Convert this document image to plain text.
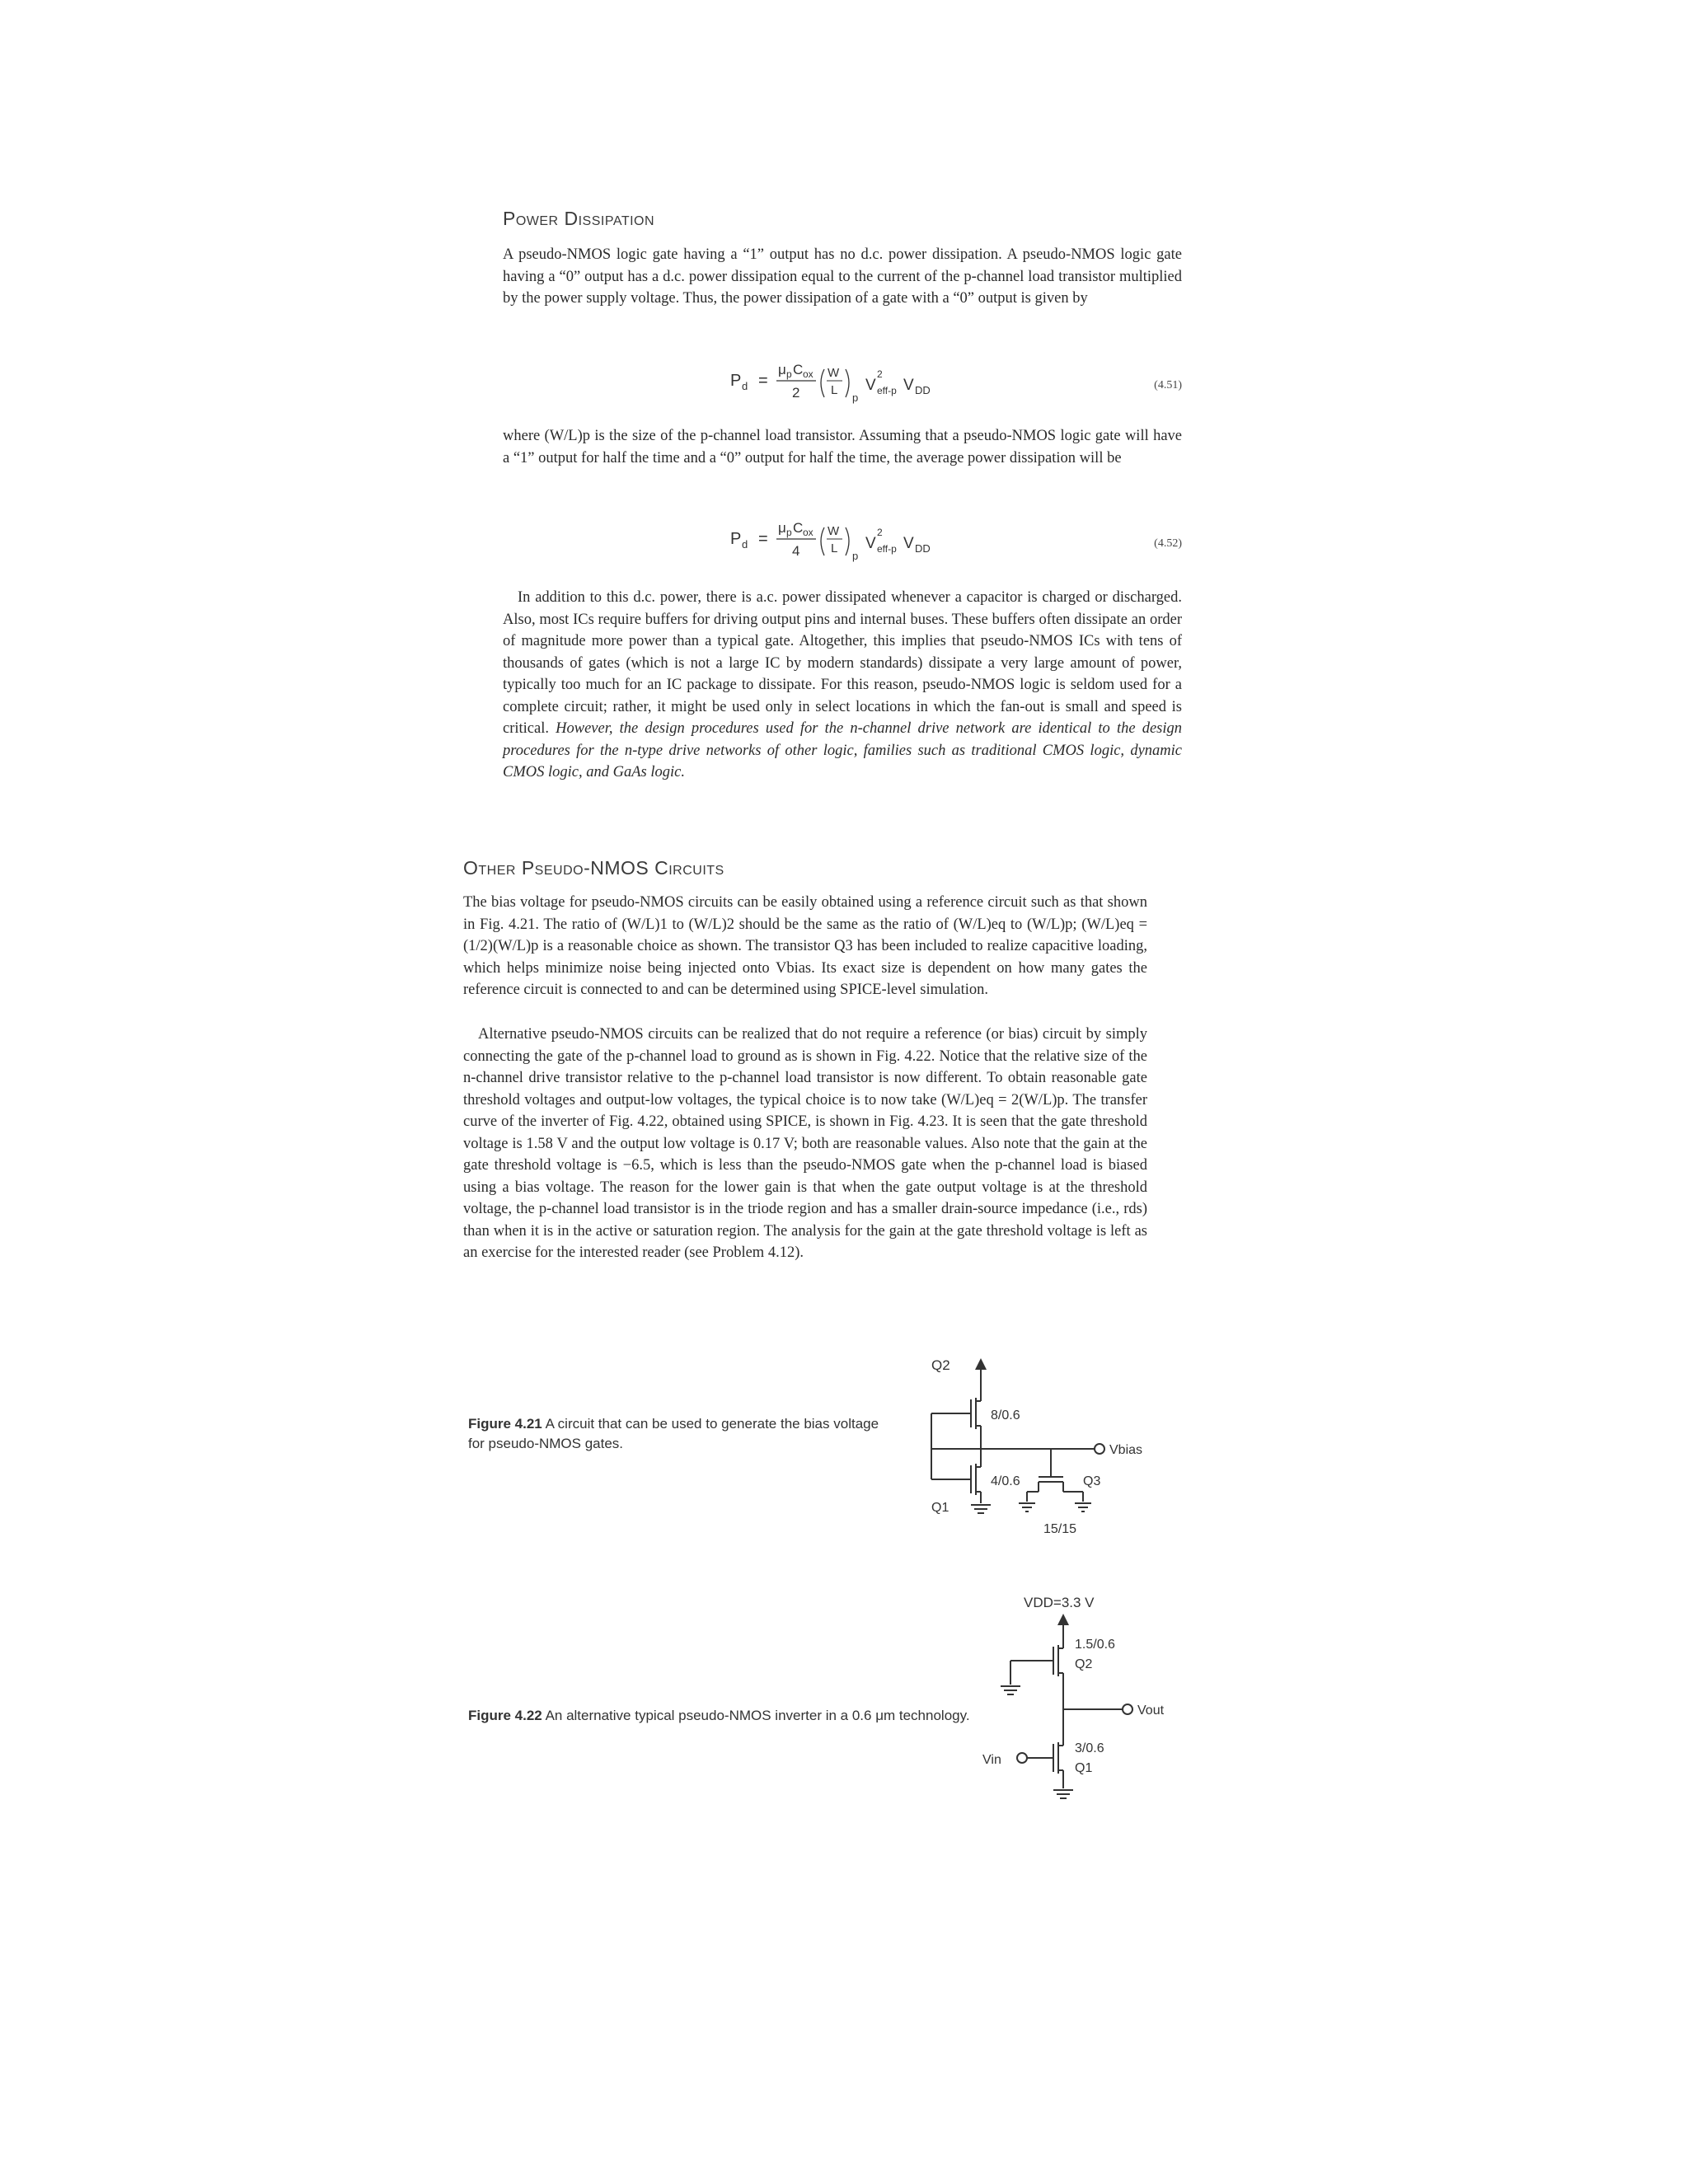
Power Dissipation

A pseudo-NMOS logic gate having a “1” output has no d.c. power dissipation. A pseudo-NMOS logic gate having a “0” output has a d.c. power dissipation equal to the current of the p-channel load transistor multiplied by the power supply voltage. Thus, the power dissipation of a gate with a “0” output is given by

P d =
μ p C ox
2
W
L
p
V
2
eff-p V DD	(4.51)

where (W/L)p is the size of the p-channel load transistor. Assuming that a pseudo-NMOS logic gate will have a “1” output for half the time and a “0” output for half the time, the average power dissipation will be

P d =
μ p C ox
4
W
L
p
V
2
eff-p V DD	(4.52)

In addition to this d.c. power, there is a.c. power dissipated whenever a capacitor is charged or discharged. Also, most ICs require buffers for driving output pins and internal buses. These buffers often dissipate an order of magnitude more power than a typical gate. Altogether, this implies that pseudo-NMOS ICs with tens of thousands of gates (which is not a large IC by modern standards) dissipate a very large amount of power, typically too much for an IC package to dissipate. For this reason, pseudo-NMOS logic is seldom used for a complete circuit; rather, it might be used only in select locations in which the fan-out is small and speed is critical. However, the design procedures used for the n-channel drive network are identical to the design procedures for the n-type drive networks of other logic, families such as traditional CMOS logic, dynamic CMOS logic, and GaAs logic.

Other Pseudo-NMOS Circuits

The bias voltage for pseudo-NMOS circuits can be easily obtained using a reference circuit such as that shown in Fig. 4.21. The ratio of (W/L)1 to (W/L)2 should be the same as the ratio of (W/L)eq to (W/L)p; (W/L)eq = (1/2)(W/L)p is a reasonable choice as shown. The transistor Q3 has been included to realize capacitive loading, which helps minimize noise being injected onto Vbias. Its exact size is dependent on how many gates the reference circuit is connected to and can be determined using SPICE-level simulation.

Alternative pseudo-NMOS circuits can be realized that do not require a reference (or bias) circuit by simply connecting the gate of the p-channel load to ground as is shown in Fig. 4.22. Notice that the relative size of the n-channel drive transistor relative to the p-channel load transistor is now different. To obtain reasonable gate threshold voltages and output-low voltages, the typical choice is to now take (W/L)eq = 2(W/L)p. The transfer curve of the inverter of Fig. 4.22, obtained using SPICE, is shown in Fig. 4.23. It is seen that the gate threshold voltage is 1.58 V and the output low voltage is 0.17 V; both are reasonable values. Also note that the gain at the gate threshold voltage is −6.5, which is less than the pseudo-NMOS gate when the p-channel load is biased using a bias voltage. The reason for the lower gain is that when the gate output voltage is at the threshold voltage, the p-channel load transistor is in the triode region and has a smaller drain-source impedance (i.e., rds) than when it is in the active or saturation region. The analysis for the gain at the gate threshold voltage is left as an exercise for the interested reader (see Problem 4.12).

Figure 4.21 A circuit that can be used to generate the bias voltage for pseudo-NMOS gates.
Q2
8/0.6
Vbias
4/0.6	Q3
Q1
15/15
Figure 4.22 An alternative typical pseudo-NMOS inverter in a 0.6 μm technology.
VDD=3.3 V
1.5/0.6
Q2
Vout
3/0.6
Vin
Q1
